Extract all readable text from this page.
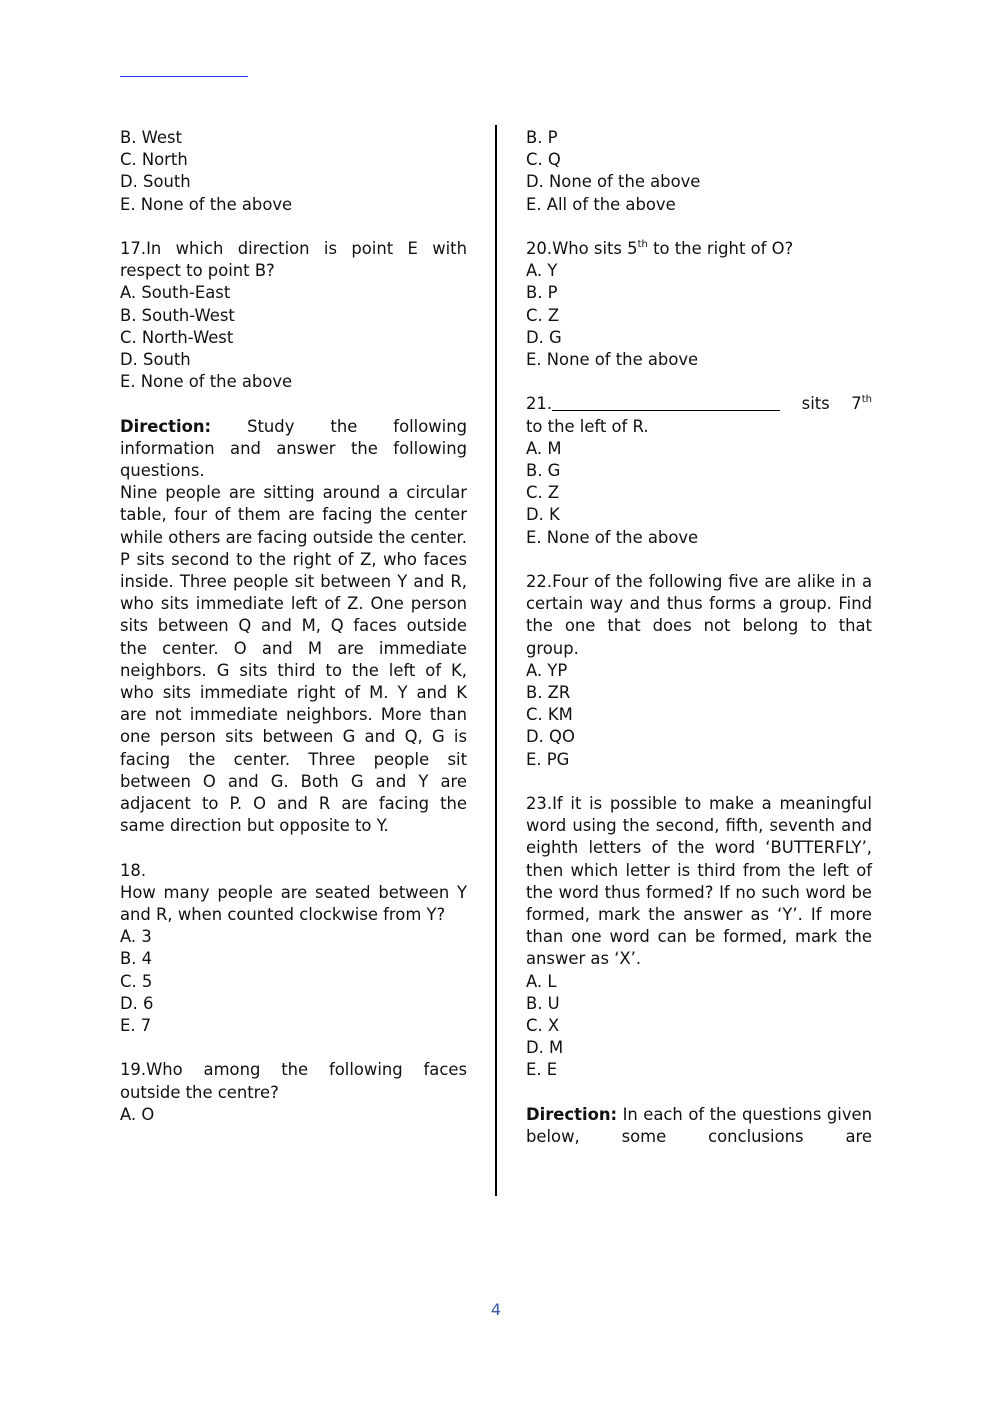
B. West
C. North
D. South
E. None of the above
17.In which direction is point E with
respect to point B?
A. South-East
B. South-West
C. North-West
D. South
E. None of the above
Direction: Study the following information and answer the following questions.
Nine people are sitting around a circular table, four of them are facing the center while others are facing outside the center. P sits second to the right of Z, who faces inside. Three people sit between Y and R, who sits immediate left of Z. One person sits between Q and M, Q faces outside the center. O and M are immediate neighbors. G sits third to the left of K, who sits immediate right of M. Y and K are not immediate neighbors. More than one person sits between G and Q, G is facing the center. Three people sit between O and G. Both G and Y are adjacent to P. O and R are facing the same direction but opposite to Y.
18.
How many people are seated between Y and R, when counted clockwise from Y?
A. 3
B. 4
C. 5
D. 6
E. 7
19.Who among the following faces outside the centre?
A. O
B. P
C. Q
D. None of the above
E. All of the above
20.Who sits 5th to the right of O?
A. Y
B. P
C. Z
D. G
E. None of the above
21.	sits 7th
to the left of R.
A. M
B. G
C. Z
D. K
E. None of the above
22.Four of the following five are alike in a certain way and thus forms a group. Find the one that does not belong to that group.
A. YP
B. ZR
C. KM
D. QO
E. PG
23.If it is possible to make a meaningful word using the second, fifth, seventh and eighth letters of the word ‘BUTTERFLY’, then which letter is third from the left of the word thus formed? If no such word be formed, mark the answer as ‘Y’. If more than one word can be formed, mark the answer as ‘X’.
A. L
B. U
C. X
D. M
E. E
Direction: In each of the questions given below, some conclusions are
4
